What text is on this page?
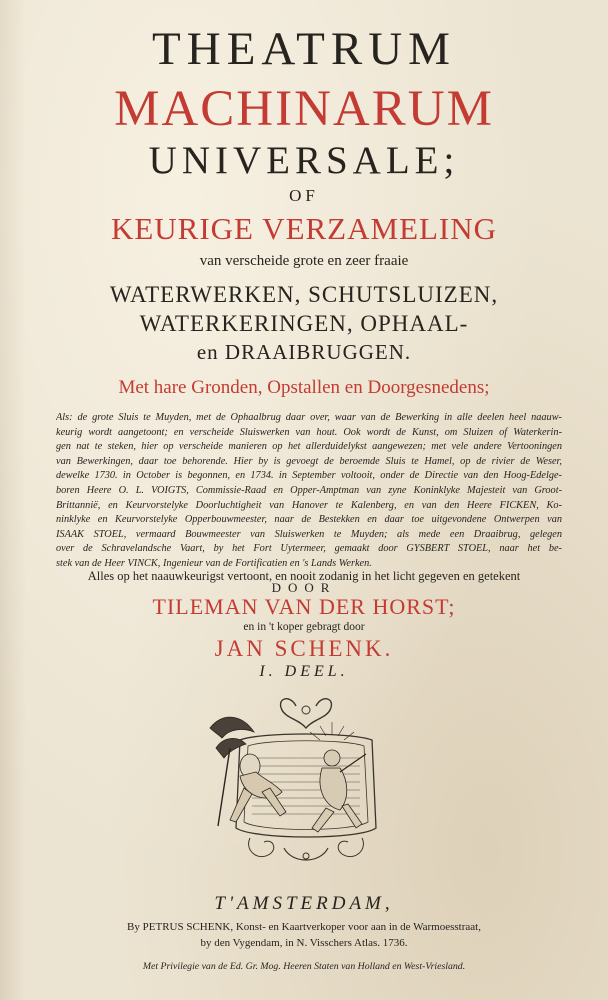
THEATRUM
MACHINARUM
UNIVERSALE;
OF
KEURIGE VERZAMELING
van verscheide grote en zeer fraaie
WATERWERKEN, SCHUTSLUIZEN,
WATERKERINGEN, OPHAAL-
en DRAAIBRUGGEN.
Met hare Gronden, Opstallen en Doorgesnedens;
Als: de grote Sluis te Muyden, met de Ophaalbrug daar over, waar van de Bewerking in alle deelen heel naauw-
keurig wordt aangetoont; en verscheide Sluiswerken van hout. Ook wordt de Kunst, om Sluizen of Waterkerin-
gen nat te steken, hier op verscheide manieren op het allerduidelykst aangewezen; met vele andere Vertooningen
van Bewerkingen, daar toe behorende. Hier by is gevoegt de beroemde Sluis te Hamel, op de rivier de Weser,
dewelke 1730. in October is begonnen, en 1734. in September voltooit, onder de Directie van den Hoog-Edelge-
boren Heere O. L. VOIGTS, Commissie-Raad en Opper-Amptman van zyne Koninklyke Majesteit van Groot-
Brittannië, en Keurvorstelyke Doorluchtigheit van Hanover te Kalenberg, en van den Heere FICKEN, Ko-
ninklyke en Keurvorstelyke Opperbouwmeester, naar de Bestekken en daar toe uitgevondene Ontwerpen van
ISAAK STOEL, vermaard Bouwmeester van Sluiswerken te Muyden; als mede een Draaibrug, gelegen
over de Schravelandsche Vaart, by het Fort Uytermeer, gemaakt door GYSBERT STOEL, naar het be-
stek van de Heer VINCK, Ingenieur van de Fortificatien en 's Lands Werken.
Alles op het naauwkeurigst vertoont, en nooit zodanig in het licht gegeven en getekent
TILEMAN VAN DER HORST;
DOOR
en in 't koper gebragt door
JAN SCHENK.
I. DEEL.
T'AMSTERDAM,
By PETRUS SCHENK, Konst- en Kaartverkoper voor aan in de Warmoesstraat,
by den Vygendam, in N. Visschers Atlas. 1736.
Met Privilegie van de Ed. Gr. Mog. Heeren Staten van Holland en West-Vriesland.
